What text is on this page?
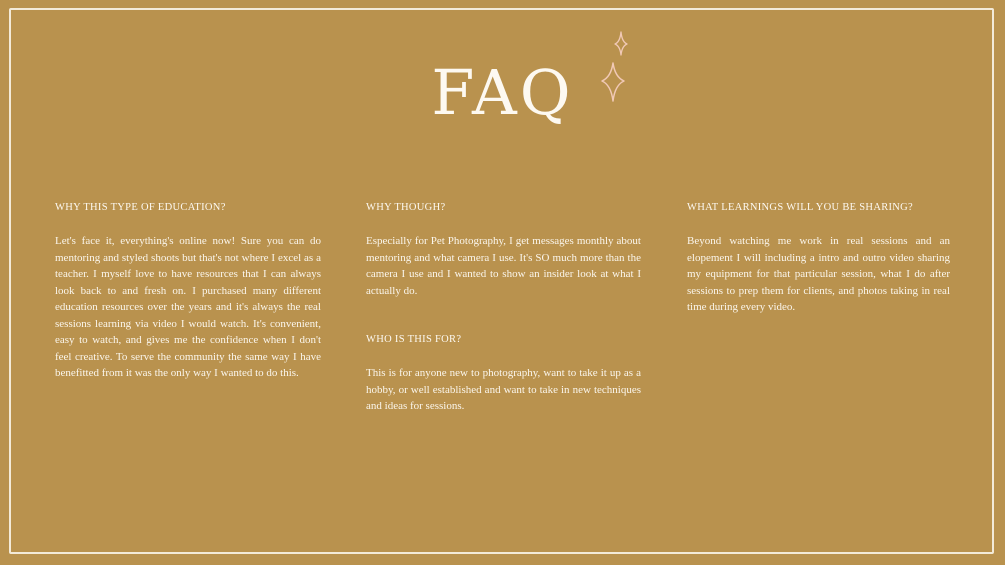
FAQ

WHY THIS TYPE OF EDUCATION?

Let's face it, everything's online now! Sure you can do mentoring and styled shoots but that's not where I excel as a teacher. I myself love to have resources that I can always look back to and fresh on. I purchased many different education resources over the years and it's always the real sessions learning via video I would watch. It's convenient, easy to watch, and gives me the confidence when I don't feel creative. To serve the community the same way I have benefitted from it was the only way I wanted to do this.

WHY THOUGH?

Especially for Pet Photography, I get messages monthly about mentoring and what camera I use. It's SO much more than the camera I use and I wanted to show an insider look at what I actually do.

WHO IS THIS FOR?

This is for anyone new to photography, want to take it up as a hobby, or well established and want to take in new techniques and ideas for sessions.

WHAT LEARNINGS WILL YOU BE SHARING?

Beyond watching me work in real sessions and an elopement I will including a intro and outro video sharing my equipment for that particular session, what I do after sessions to prep them for clients, and photos taking in real time during every video.
